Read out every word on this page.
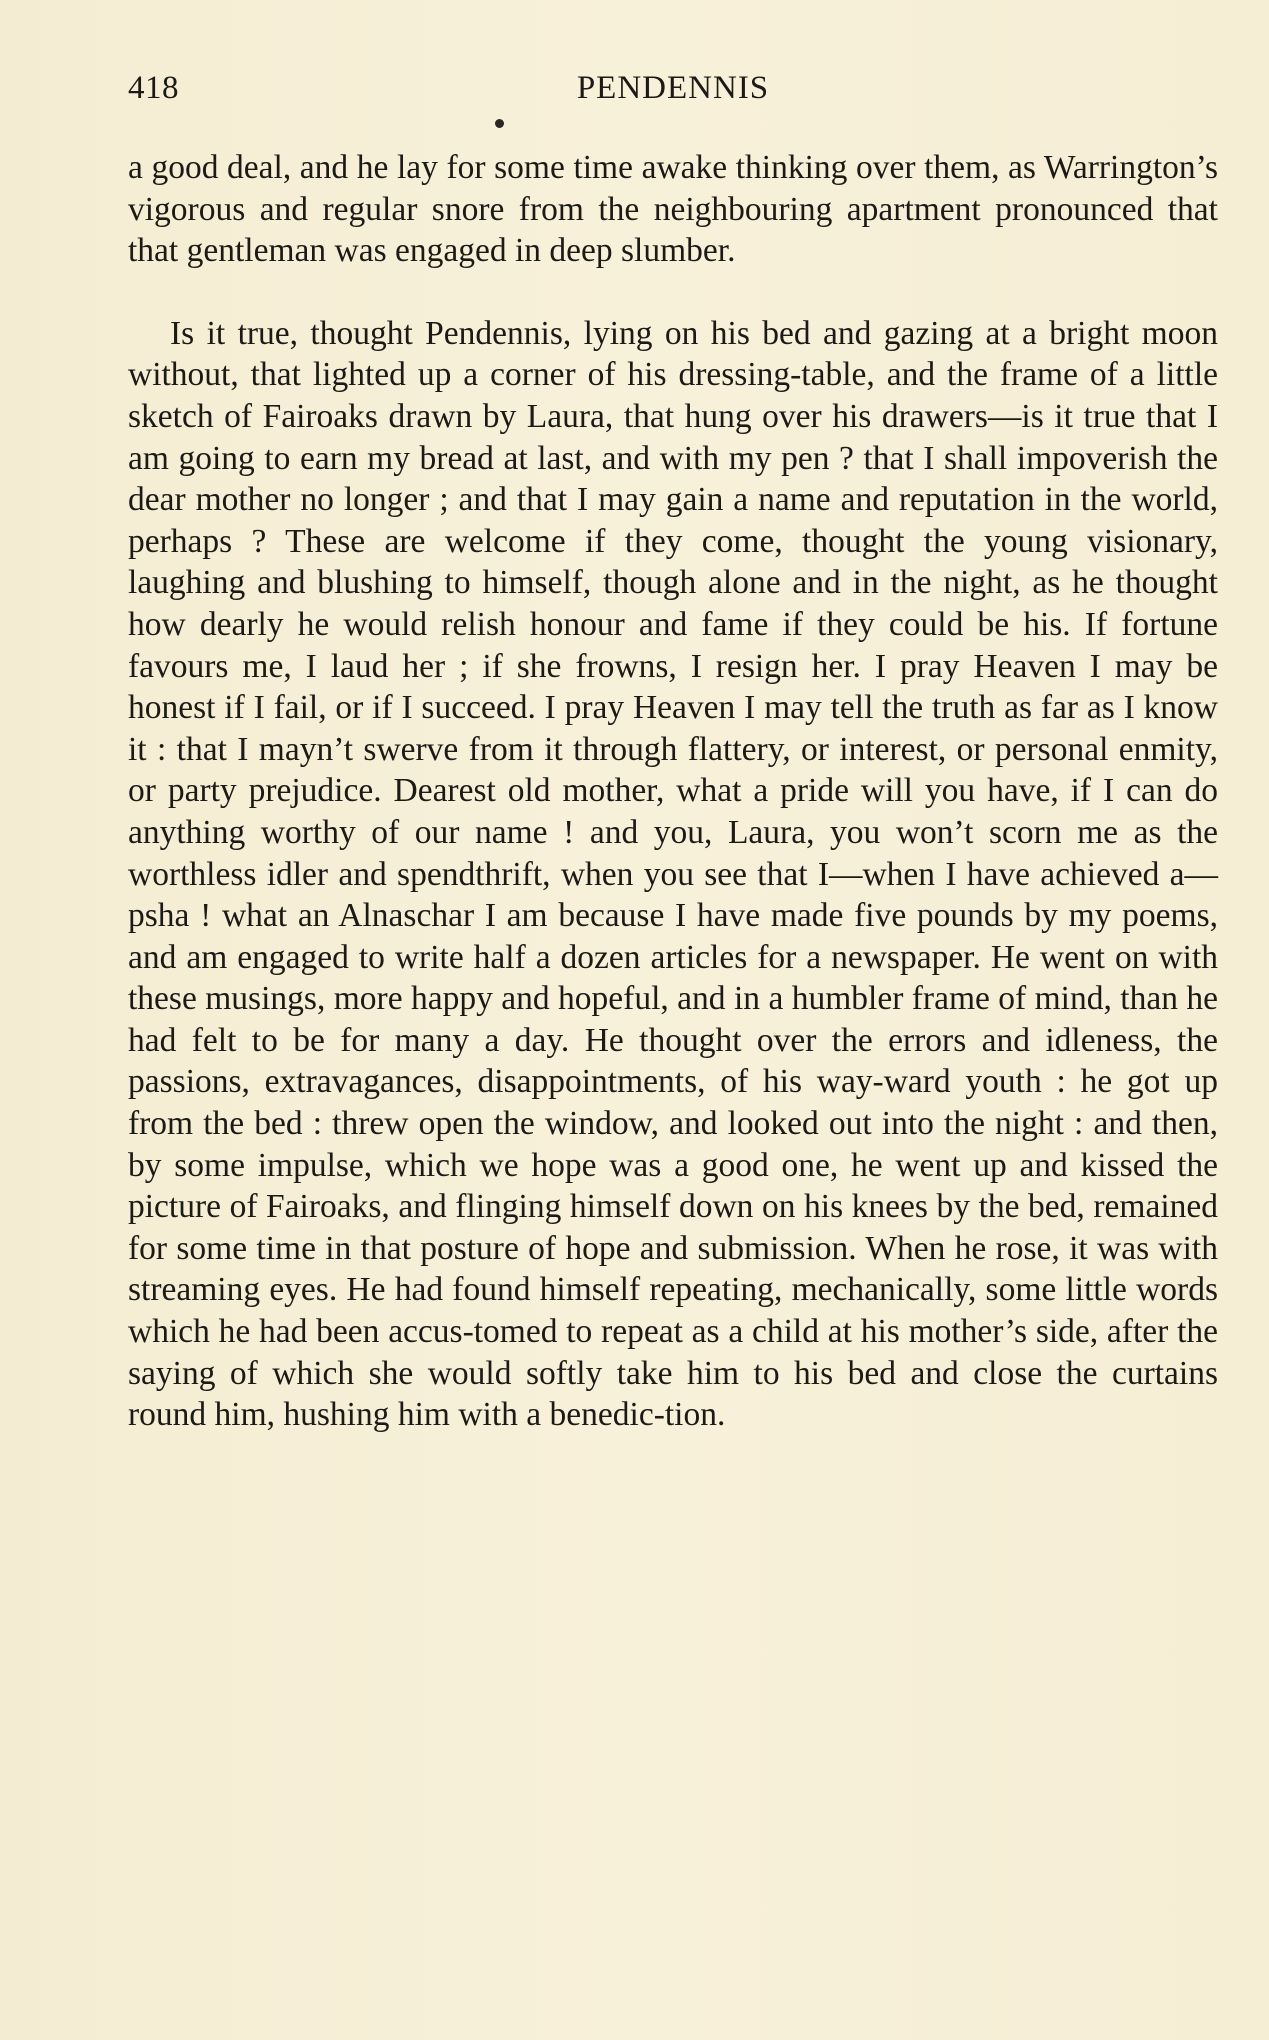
418	PENDENNIS

a good deal, and he lay for some time awake thinking over them, as Warrington’s vigorous and regular snore from the neighbouring apartment pronounced that that gentleman was engaged in deep slumber.

Is it true, thought Pendennis, lying on his bed and gazing at a bright moon without, that lighted up a corner of his dressing-table, and the frame of a little sketch of Fairoaks drawn by Laura, that hung over his drawers—is it true that I am going to earn my bread at last, and with my pen ? that I shall impoverish the dear mother no longer ; and that I may gain a name and reputation in the world, perhaps ? These are welcome if they come, thought the young visionary, laughing and blushing to himself, though alone and in the night, as he thought how dearly he would relish honour and fame if they could be his. If fortune favours me, I laud her ; if she frowns, I resign her. I pray Heaven I may be honest if I fail, or if I succeed. I pray Heaven I may tell the truth as far as I know it : that I mayn’t swerve from it through flattery, or interest, or personal enmity, or party prejudice. Dearest old mother, what a pride will you have, if I can do anything worthy of our name ! and you, Laura, you won’t scorn me as the worthless idler and spendthrift, when you see that I—when I have achieved a—psha ! what an Alnaschar I am because I have made five pounds by my poems, and am engaged to write half a dozen articles for a newspaper. He went on with these musings, more happy and hopeful, and in a humbler frame of mind, than he had felt to be for many a day. He thought over the errors and idleness, the passions, extravagances, disappointments, of his way-ward youth : he got up from the bed : threw open the window, and looked out into the night : and then, by some impulse, which we hope was a good one, he went up and kissed the picture of Fairoaks, and flinging himself down on his knees by the bed, remained for some time in that posture of hope and submission. When he rose, it was with streaming eyes. He had found himself repeating, mechanically, some little words which he had been accus-tomed to repeat as a child at his mother’s side, after the saying of which she would softly take him to his bed and close the curtains round him, hushing him with a benedic-tion.
